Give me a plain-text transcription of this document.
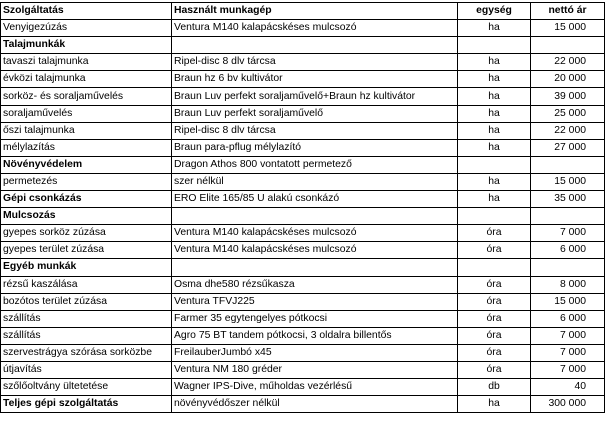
Szolgáltatás	Használt munkagép	egység	nettó ár
Venyigezúzás	Ventura M140 kalapácskéses mulcsozó	ha	15 000
Talajmunkák			
tavaszi talajmunka	Ripel-disc 8 dlv tárcsa	ha	22 000
évközi talajmunka	Braun hz 6 bv kultivátor	ha	20 000
sorköz- és soraljaművelés	Braun Luv perfekt soraljaművelő+Braun hz kultivátor	ha	39 000
soraljaművelés	Braun Luv perfekt soraljaművelő	ha	25 000
őszi talajmunka	Ripel-disc 8 dlv tárcsa	ha	22 000
mélylazítás	Braun para-pflug mélylazító	ha	27 000
Növényvédelem	Dragon Athos 800 vontatott permetező		
permetezés	szer nélkül	ha	15 000
Gépi csonkázás	ERO Elite 165/85 U alakú csonkázó	ha	35 000
Mulcsozás			
gyepes sorköz zúzása	Ventura M140 kalapácskéses mulcsozó	óra	7 000
gyepes terület zúzása	Ventura M140 kalapácskéses mulcsozó	óra	6 000
Egyéb munkák			
rézsű kaszálása	Osma dhe580 rézsűkasza	óra	8 000
bozótos terület zúzása	Ventura TFVJ225	óra	15 000
szállítás	Farmer 35 egytengelyes pótkocsi	óra	6 000
szállítás	Agro 75 BT tandem pótkocsi, 3 oldalra billentős	óra	7 000
szervestrágya szórása sorközbe	FreilauberJumbó x45	óra	7 000
útjavítás	Ventura NM 180 gréder	óra	7 000
szőlőoltvány ültetetése	Wagner IPS-Dive, műholdas vezérlésű	db	40
Teljes gépi szolgáltatás	növényvédőszer nélkül	ha	300 000
